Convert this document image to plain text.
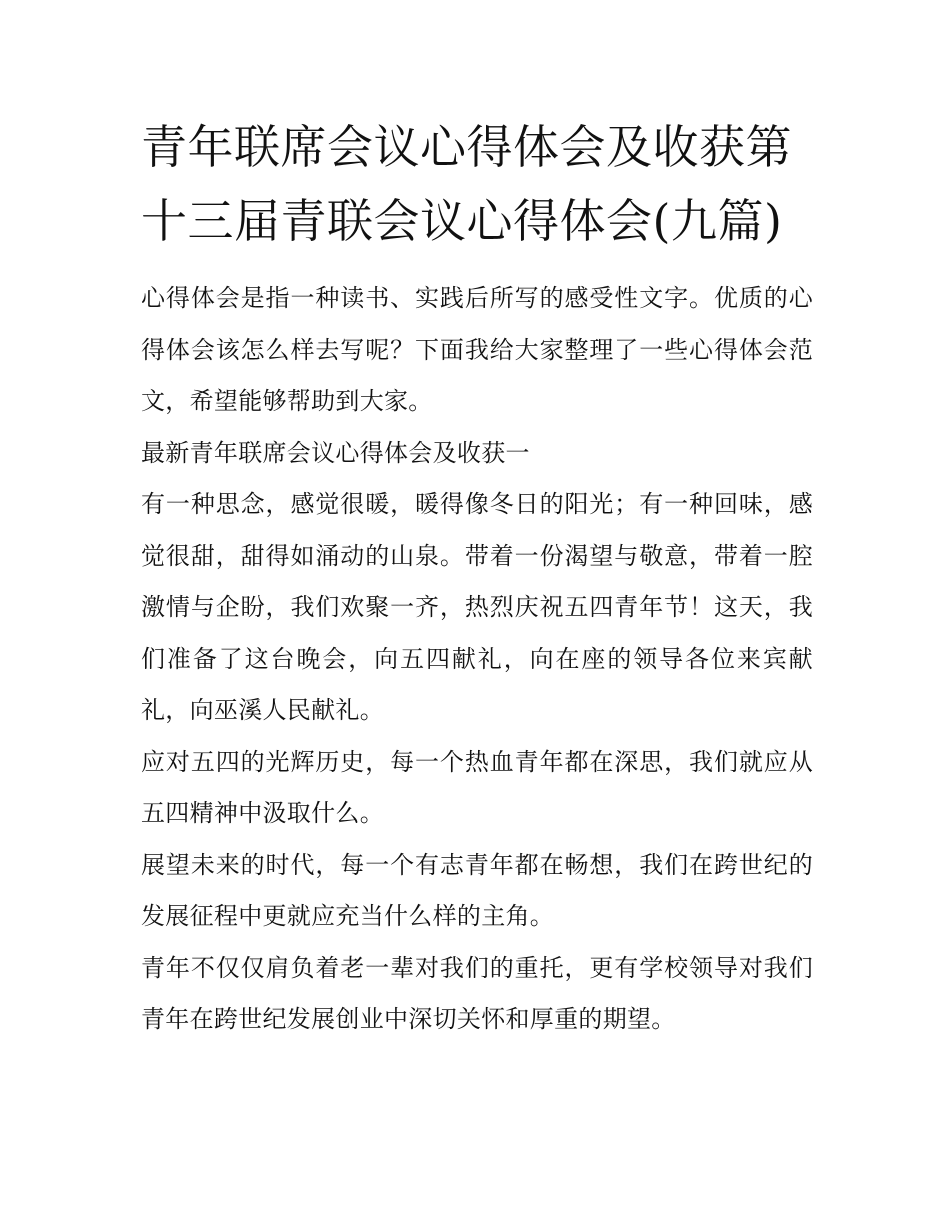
青年联席会议心得体会及收获第十三届青联会议心得体会(九篇)

心得体会是指一种读书、实践后所写的感受性文字。优质的心得体会该怎么样去写呢？下面我给大家整理了一些心得体会范文，希望能够帮助到大家。

最新青年联席会议心得体会及收获一

有一种思念，感觉很暖，暖得像冬日的阳光；有一种回味，感觉很甜，甜得如涌动的山泉。带着一份渴望与敬意，带着一腔激情与企盼，我们欢聚一齐，热烈庆祝五四青年节！这天，我们准备了这台晚会，向五四献礼，向在座的领导各位来宾献礼，向巫溪人民献礼。

应对五四的光辉历史，每一个热血青年都在深思，我们就应从五四精神中汲取什么。

展望未来的时代，每一个有志青年都在畅想，我们在跨世纪的发展征程中更就应充当什么样的主角。

青年不仅仅肩负着老一辈对我们的重托，更有学校领导对我们青年在跨世纪发展创业中深切关怀和厚重的期望。
